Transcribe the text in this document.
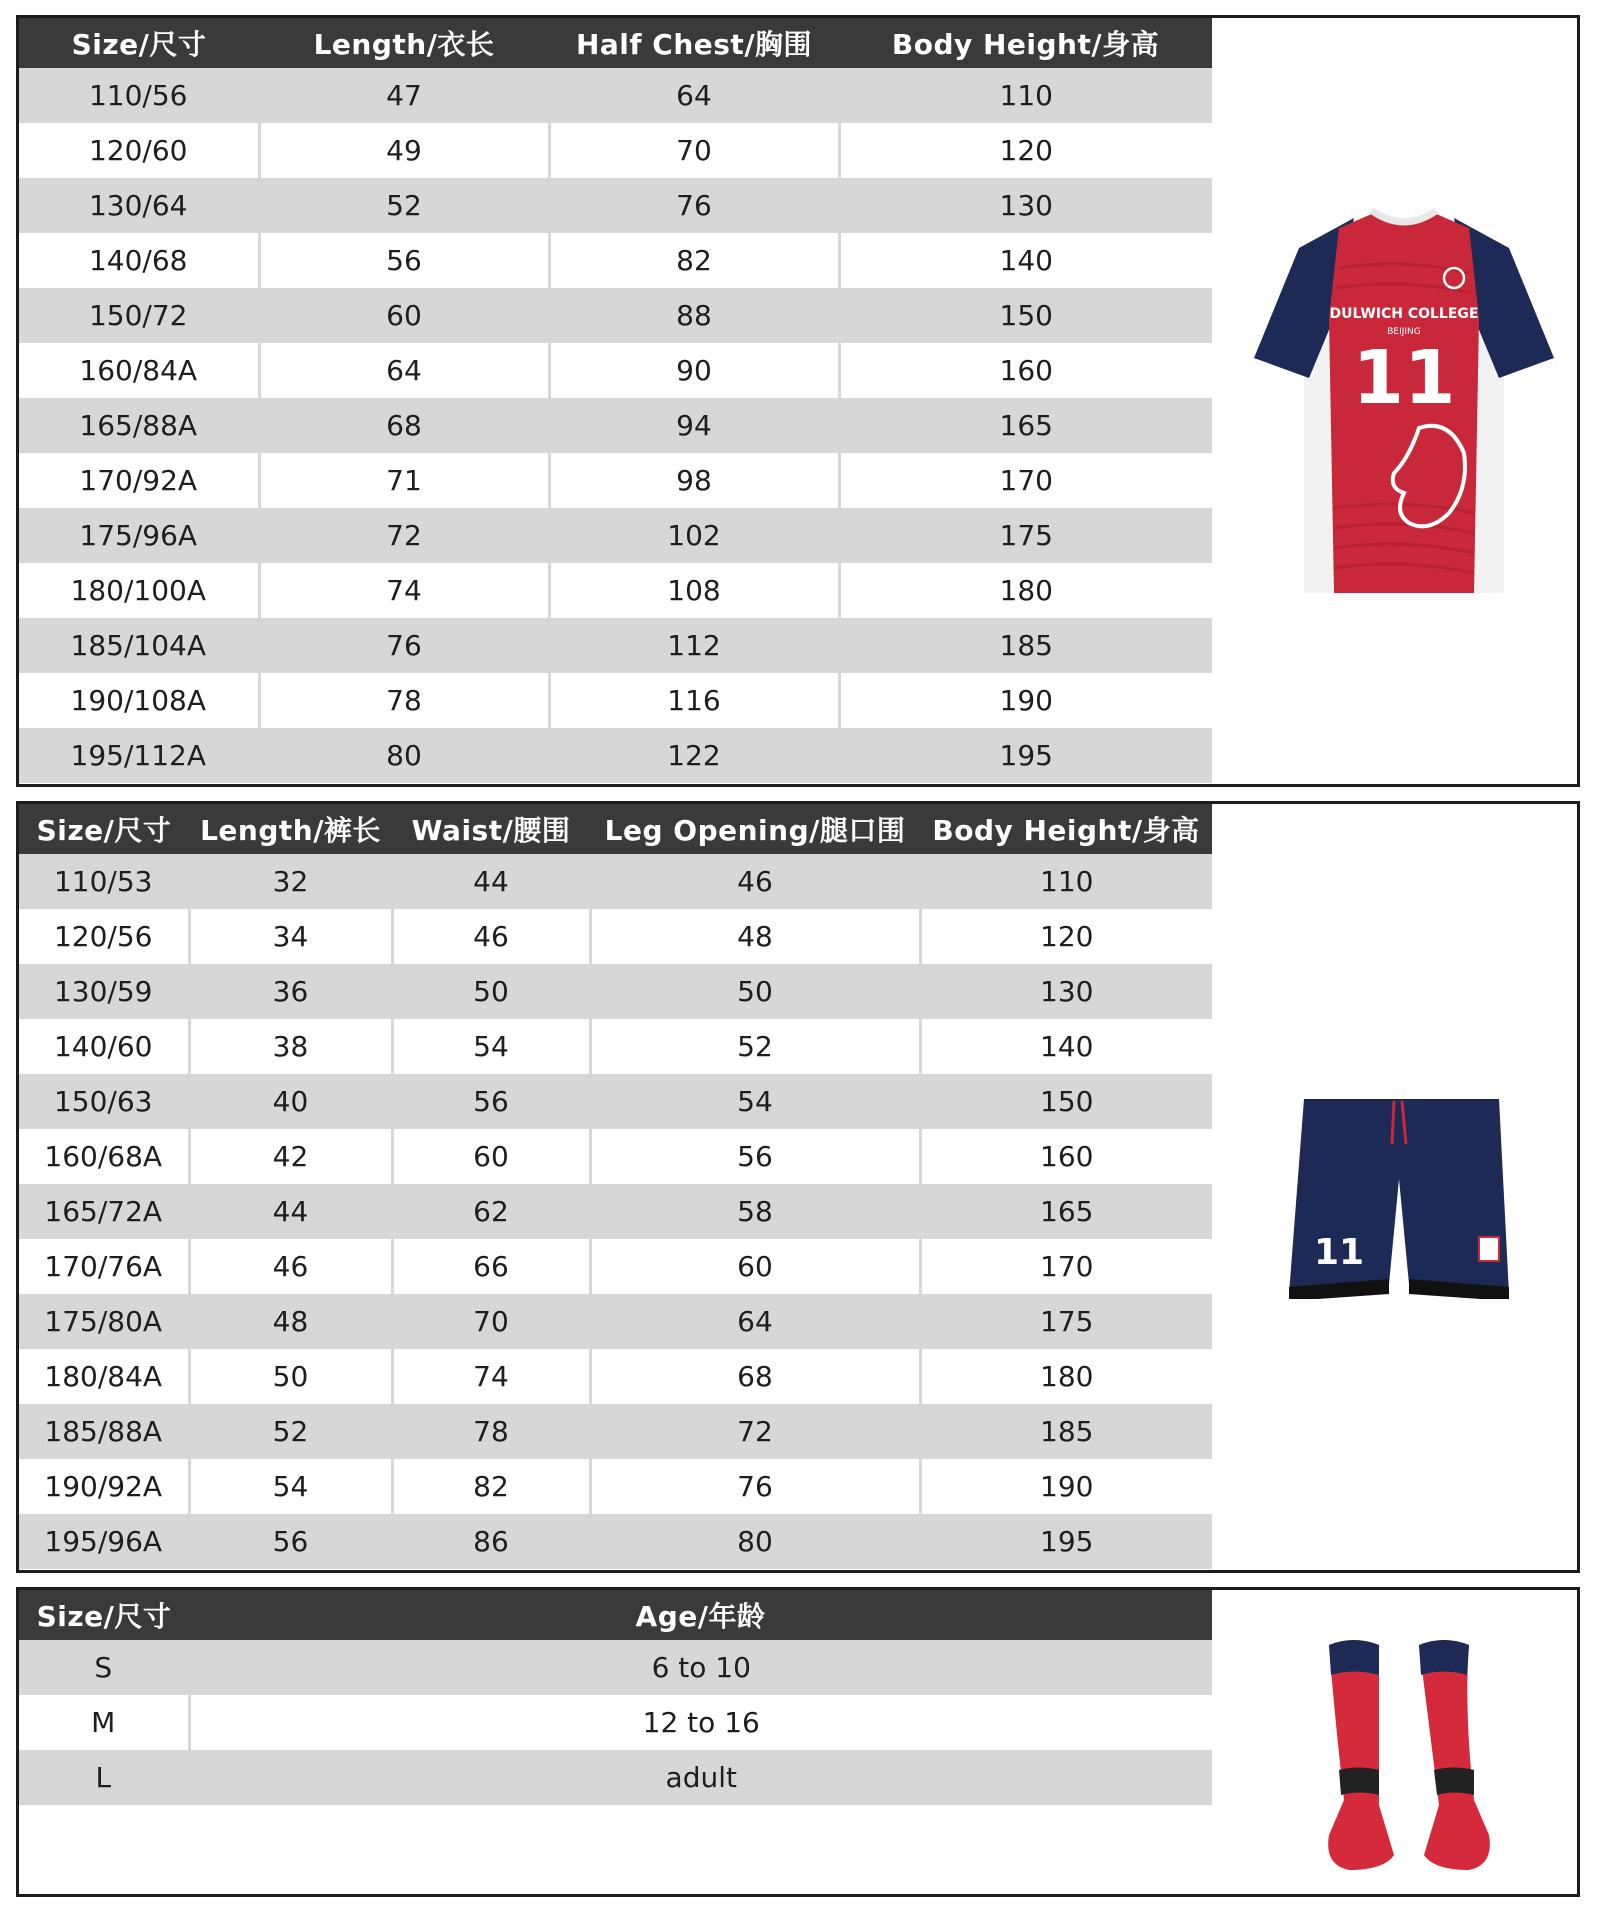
Size/尺寸	Length/衣长	Half Chest/胸围	Body Height/身高
110/56	47	64	110
120/60	49	70	120
130/64	52	76	130
140/68	56	82	140
150/72	60	88	150
160/84A	64	90	160
165/88A	68	94	165
170/92A	71	98	170
175/96A	72	102	175
180/100A	74	108	180
185/104A	76	112	185
190/108A	78	116	190
195/112A	80	122	195
DULWICH COLLEGE
BEIJING
11
Size/尺寸	Length/裤长	Waist/腰围	Leg Opening/腿口围	Body Height/身高
110/53	32	44	46	110
120/56	34	46	48	120
130/59	36	50	50	130
140/60	38	54	52	140
150/63	40	56	54	150
160/68A	42	60	56	160
165/72A	44	62	58	165
170/76A	46	66	60	170
175/80A	48	70	64	175
180/84A	50	74	68	180
185/88A	52	78	72	185
190/92A	54	82	76	190
195/96A	56	86	80	195
11
Size/尺寸	Age/年龄
S	6 to 10
M	12 to 16
L	adult
